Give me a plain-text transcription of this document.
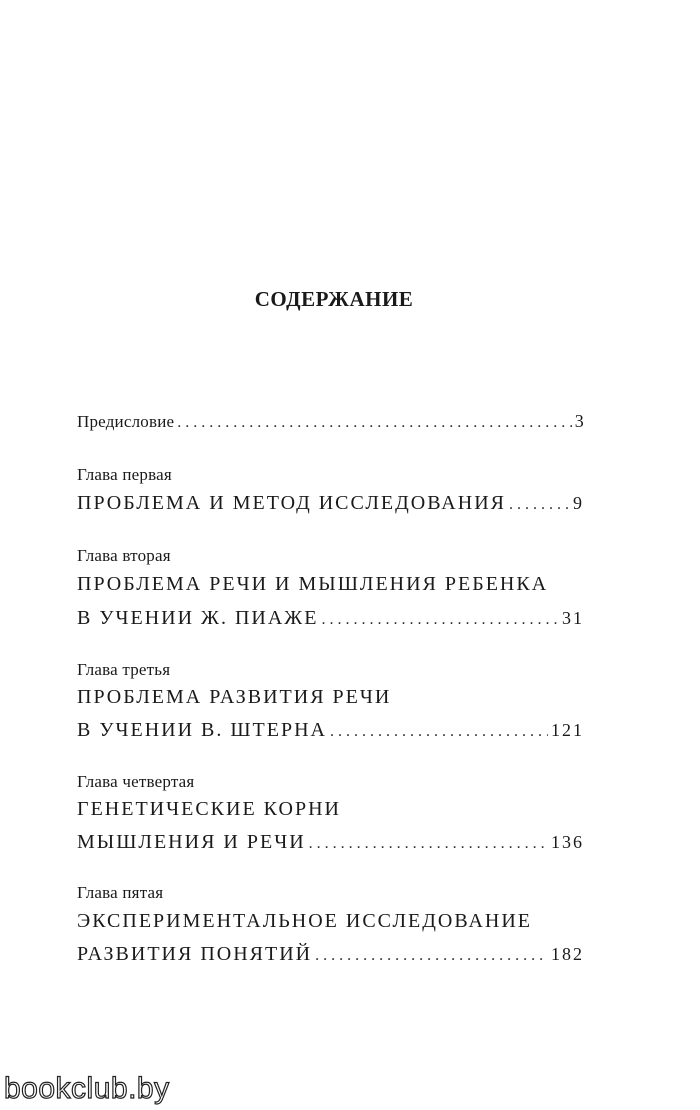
СОДЕРЖАНИЕ
Предисловие . . .	3
Глава первая
ПРОБЛЕМА И МЕТОД ИССЛЕДОВАНИЯ . . .	9
Глава вторая
ПРОБЛЕМА РЕЧИ И МЫШЛЕНИЯ РЕБЕНКА
В УЧЕНИИ Ж. ПИАЖЕ . . .	31
Глава третья
ПРОБЛЕМА РАЗВИТИЯ РЕЧИ
В УЧЕНИИ В. ШТЕРНА . . .	121
Глава четвертая
ГЕНЕТИЧЕСКИЕ КОРНИ
МЫШЛЕНИЯ И РЕЧИ . . .	136
Глава пятая
ЭКСПЕРИМЕНТАЛЬНОЕ ИССЛЕДОВАНИЕ
РАЗВИТИЯ ПОНЯТИЙ . . .	182
bookclub.by
